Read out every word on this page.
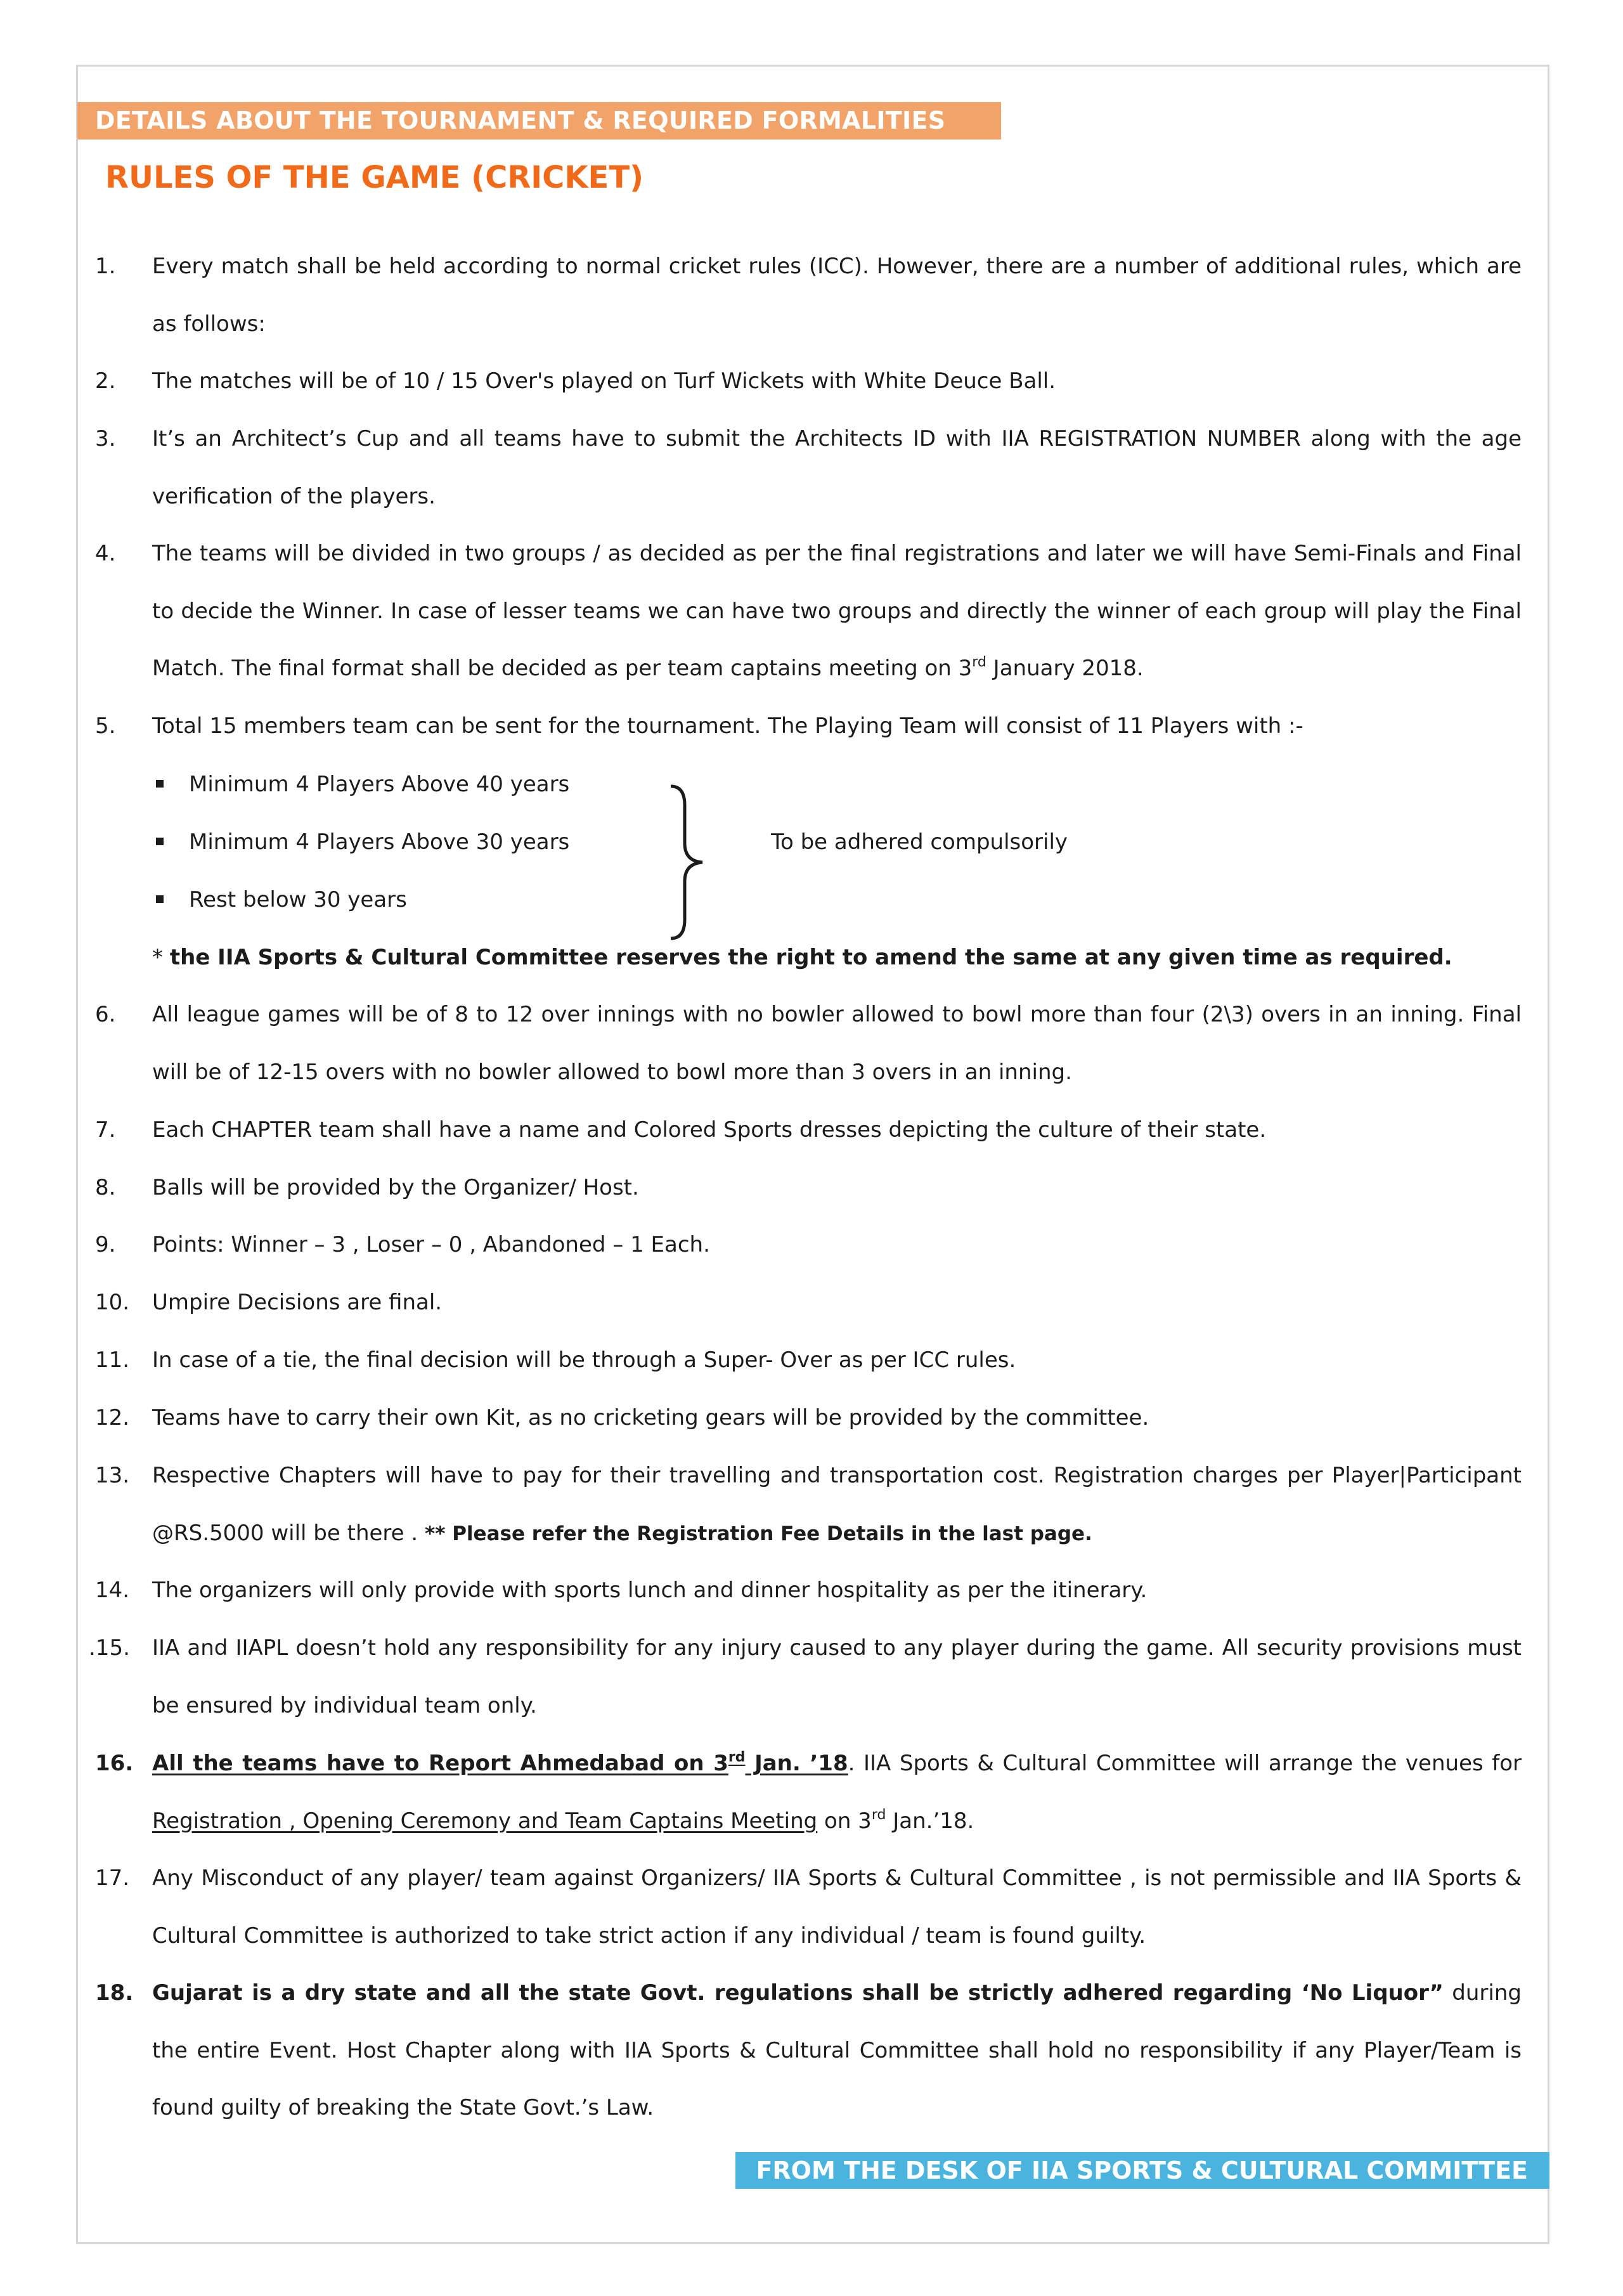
DETAILS ABOUT THE TOURNAMENT & REQUIRED FORMALITIES
RULES OF THE GAME (CRICKET)
1.	Every match shall be held according to normal cricket rules (ICC). However, there are a number of additional rules, which are as follows:
2.	The matches will be of 10 / 15 Over's played on Turf Wickets with White Deuce Ball.
3.	It’s an Architect’s Cup and all teams have to submit the Architects ID with IIA REGISTRATION NUMBER along with the age verification of the players.
4.	The teams will be divided in two groups / as decided as per the final registrations and later we will have Semi-Finals and Final to decide the Winner. In case of lesser teams we can have two groups and directly the winner of each group will play the Final Match. The final format shall be decided as per team captains meeting on 3rd January 2018.
5.	Total 15 members team can be sent for the tournament. The Playing Team will consist of 11 Players with :-
Minimum 4 Players Above 40 years
Minimum 4 Players Above 30 years
Rest below 30 years
To be adhered compulsorily
* the IIA Sports & Cultural Committee reserves the right to amend the same at any given time as required.
6.	All league games will be of 8 to 12 over innings with no bowler allowed to bowl more than four (2\3) overs in an inning. Final will be of 12-15 overs with no bowler allowed to bowl more than 3 overs in an inning.
7.	Each CHAPTER team shall have a name and Colored Sports dresses depicting the culture of their state.
8.	Balls will be provided by the Organizer/ Host.
9.	Points: Winner – 3 , Loser – 0 , Abandoned – 1 Each.
10.	Umpire Decisions are final.
11.	In case of a tie, the final decision will be through a Super- Over as per ICC rules.
12.	Teams have to carry their own Kit, as no cricketing gears will be provided by the committee.
13.	Respective Chapters will have to pay for their travelling and transportation cost. Registration charges per Player|Participant @RS.5000 will be there . ** Please refer the Registration Fee Details in the last page.
14.	The organizers will only provide with sports lunch and dinner hospitality as per the itinerary.
.15.	IIA and IIAPL doesn’t hold any responsibility for any injury caused to any player during the game. All security provisions must be ensured by individual team only.
16. All the teams have to Report Ahmedabad on 3rd Jan. ’18. IIA Sports & Cultural Committee will arrange the venues for Registration , Opening Ceremony and Team Captains Meeting on 3rd Jan.’18.
17.	Any Misconduct of any player/ team against Organizers/ IIA Sports & Cultural Committee , is not permissible and IIA Sports & Cultural Committee is authorized to take strict action if any individual / team is found guilty.
18. Gujarat is a dry state and all the state Govt. regulations shall be strictly adhered regarding ‘No Liquor” during the entire Event. Host Chapter along with IIA Sports & Cultural Committee shall hold no responsibility if any Player/Team is found guilty of breaking the State Govt.’s Law.
FROM THE DESK OF IIA SPORTS & CULTURAL COMMITTEE
